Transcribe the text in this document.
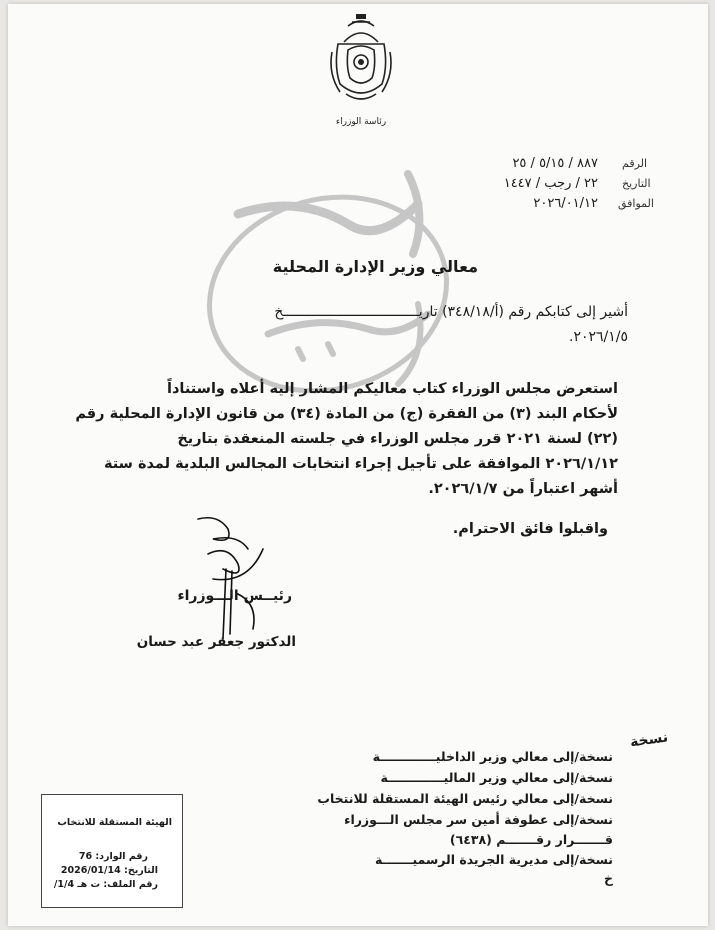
رئاسة الوزراء
الرقم
التاريخ
الموافق
٨٨٧ / ٥/١٥ / ٢٥
٢٢ / رجب / ١٤٤٧
٢٠٢٦/٠١/١٢
معالي وزير الإدارة المحلية
أشير إلى كتابكم رقم (أ/٣٤٨/١٨) تاريـــــــــــــــــــــــــــــــــخ
٢٠٢٦/١/٥.
استعرض مجلس الوزراء كتاب معاليكم المشار إليه أعلاه واستناداً
لأحكام البند (٣) من الفقرة (ج) من المادة (٣٤) من قانون الإدارة المحلية رقم
(٢٢) لسنة ٢٠٢١ قرر مجلس الوزراء في جلسته المنعقدة بتاريخ
٢٠٢٦/١/١٢ الموافقة على تأجيل إجراء انتخابات المجالس البلدية لمدة ستة
أشهر اعتباراً من ٢٠٢٦/١/٧.
واقبلوا فائق الاحترام.
رئيــس الـــوزراء
الدكتور جعفر عبد حسان
نسخة
نسخة/إلى معالي وزير الداخليـــــــــــــة
نسخة/إلى معالي وزير الماليـــــــــــــة
نسخة/إلى معالي رئيس الهيئة المستقلة للانتخاب
نسخة/إلى عطوفة أمين سر مجلس الـــوزراء
قـــــــرار رقـــــــم (٦٤٣٨)
نسخة/إلى مديرية الجريدة الرسميـــــــة
خ
الهيئة المستقلة للانتخاب
رقم الوارد: 76
التاريخ: 2026/01/14
رقم الملف: ت هـ 1/4/
